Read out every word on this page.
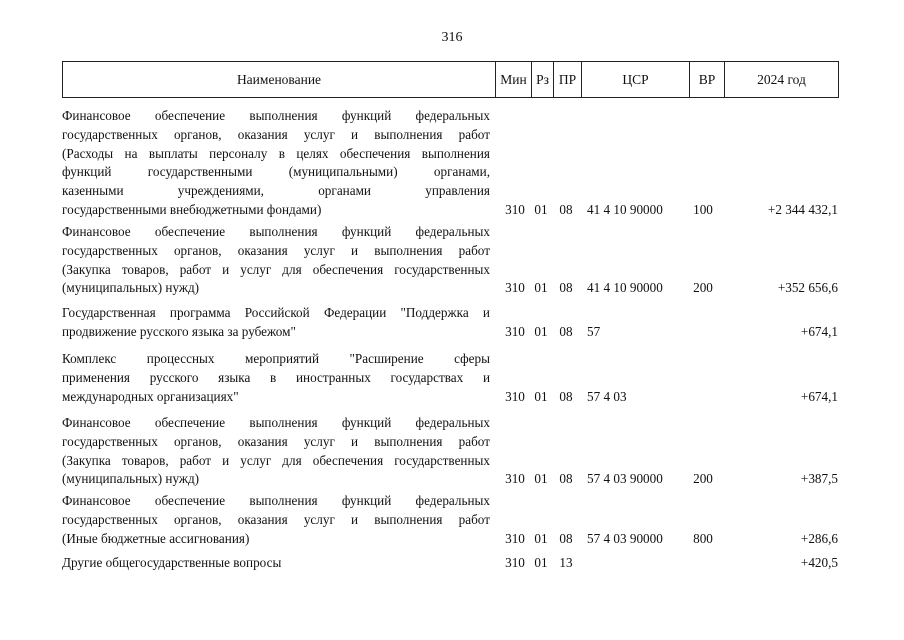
316
Наименование	Мин	Рз	ПР	ЦСР	ВР	2024 год
Финансовое обеспечение выполнения функций федеральных
государственных органов, оказания услуг и выполнения работ
(Расходы на выплаты персоналу в целях обеспечения выполнения
функций государственными (муниципальными) органами,
казенными учреждениями, органами управления
государственными внебюджетными фондами)	310 01 08	41 4 10 90000	100	+2 344 432,1
Финансовое обеспечение выполнения функций федеральных
государственных органов, оказания услуг и выполнения работ
(Закупка товаров, работ и услуг для обеспечения государственных
(муниципальных) нужд)	310 01 08	41 4 10 90000	200	+352 656,6
Государственная программа Российской Федерации "Поддержка и
продвижение русского языка за рубежом"	310 01 08	57	+674,1
Комплекс процессных мероприятий "Расширение сферы
применения русского языка в иностранных государствах и
международных организациях"	310 01 08	57 4 03	+674,1
Финансовое обеспечение выполнения функций федеральных
государственных органов, оказания услуг и выполнения работ
(Закупка товаров, работ и услуг для обеспечения государственных
(муниципальных) нужд)	310 01 08	57 4 03 90000	200	+387,5
Финансовое обеспечение выполнения функций федеральных
государственных органов, оказания услуг и выполнения работ
(Иные бюджетные ассигнования)	310 01 08	57 4 03 90000	800	+286,6
Другие общегосударственные вопросы	310 01 13	+420,5
